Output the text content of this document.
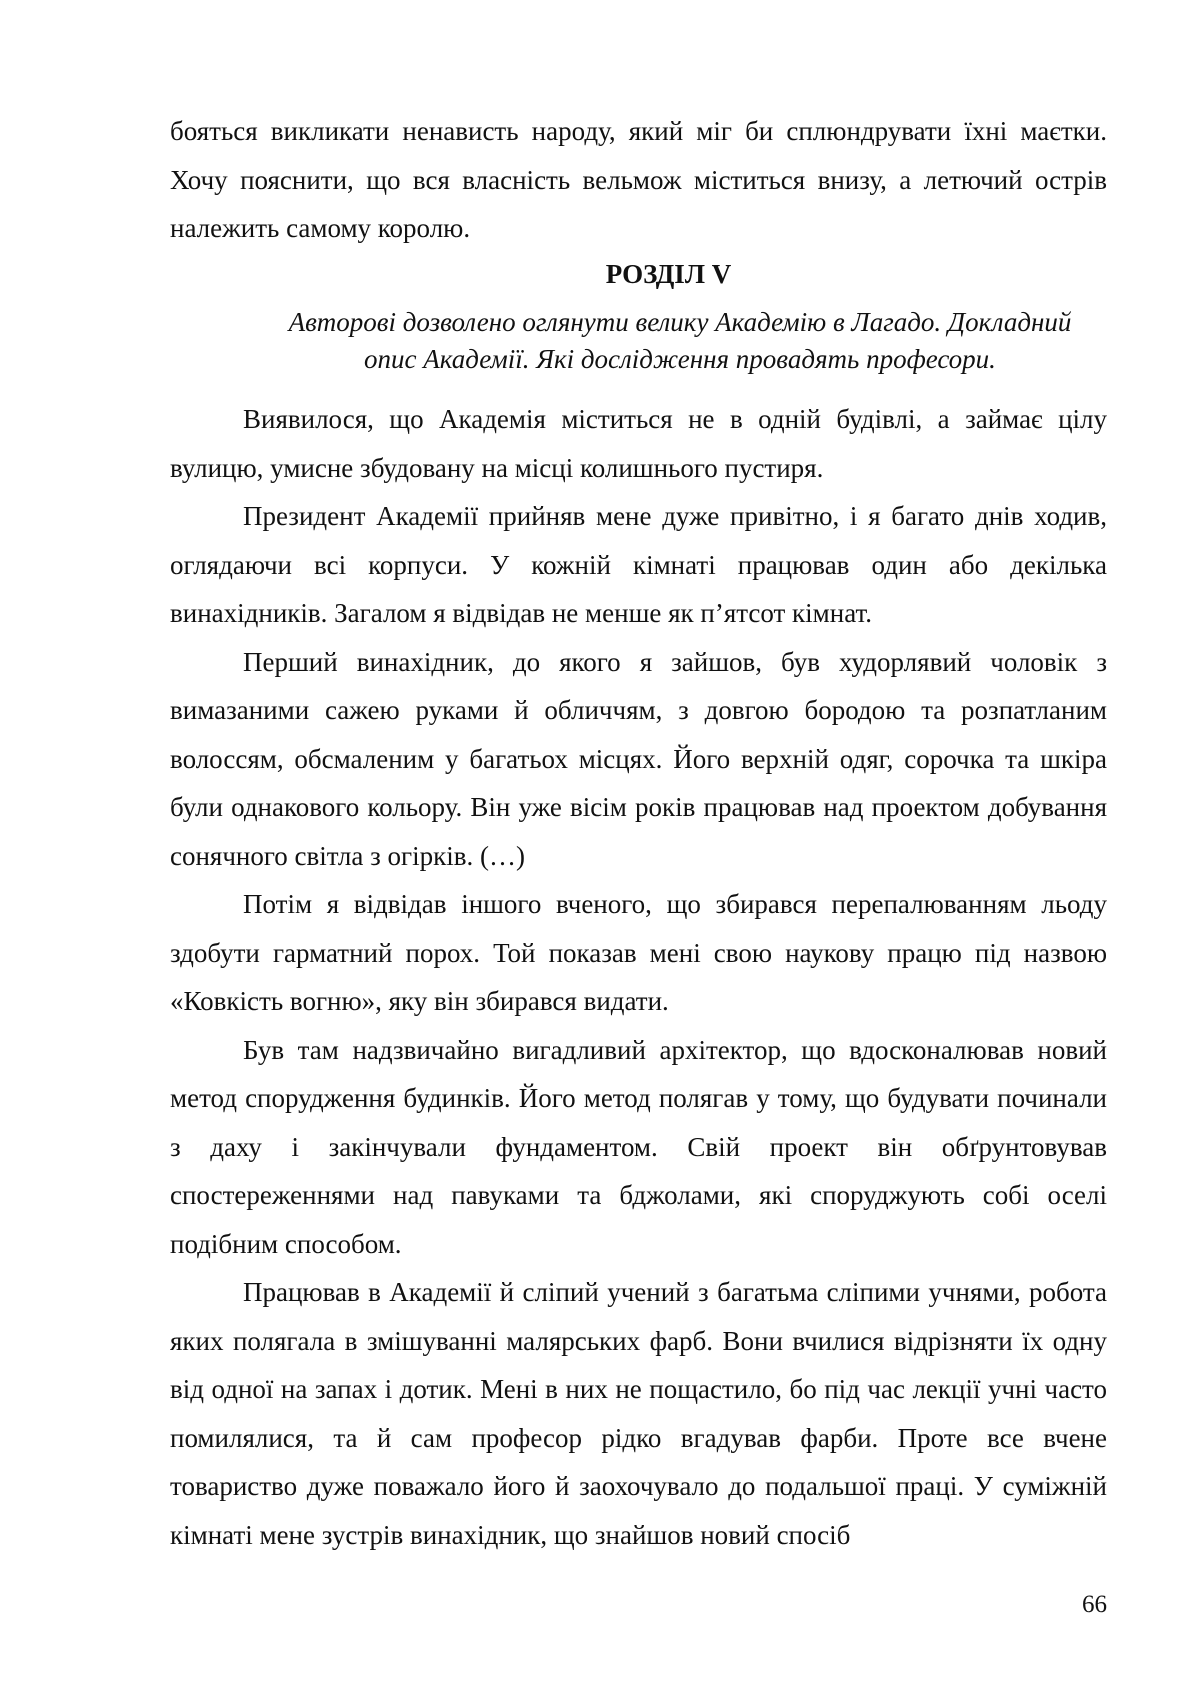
бояться викликати ненависть народу, який міг би сплюндрувати їхні маєтки. Хочу пояснити, що вся власність вельмож міститься внизу, а летючий острів належить самому королю.

РОЗДІЛ V
Авторові дозволено оглянути велику Академію в Лагадо. Докладний
опис Академії. Які дослідження провадять професори.

Виявилося, що Академія міститься не в одній будівлі, а займає цілу вулицю, умисне збудовану на місці колишнього пустиря.

Президент Академії прийняв мене дуже привітно, і я багато днів ходив, оглядаючи всі корпуси. У кожній кімнаті працював один або декілька винахідників. Загалом я відвідав не менше як п’ятсот кімнат.

Перший винахідник, до якого я зайшов, був худорлявий чоловік з вимазаними сажею руками й обличчям, з довгою бородою та розпатланим волоссям, обсмаленим у багатьох місцях. Його верхній одяг, сорочка та шкіра були однакового кольору. Він уже вісім років працював над проектом добування сонячного світла з огірків. (…)

Потім я відвідав іншого вченого, що збирався перепалюванням льоду здобути гарматний порох. Той показав мені свою наукову працю під назвою «Ковкість вогню», яку він збирався видати.

Був там надзвичайно вигадливий архітектор, що вдосконалював новий метод спорудження будинків. Його метод полягав у тому, що будувати починали з даху і закінчували фундаментом. Свій проект він обґрунтовував спостереженнями над павуками та бджолами, які споруджують собі оселі подібним способом.

Працював в Академії й сліпий учений з багатьма сліпими учнями, робота яких полягала в змішуванні малярських фарб. Вони вчилися відрізняти їх одну від одної на запах і дотик. Мені в них не пощастило, бо під час лекції учні часто помилялися, та й сам професор рідко вгадував фарби. Проте все вчене товариство дуже поважало його й заохочувало до подальшої праці. У суміжній кімнаті мене зустрів винахідник, що знайшов новий спосіб

66
